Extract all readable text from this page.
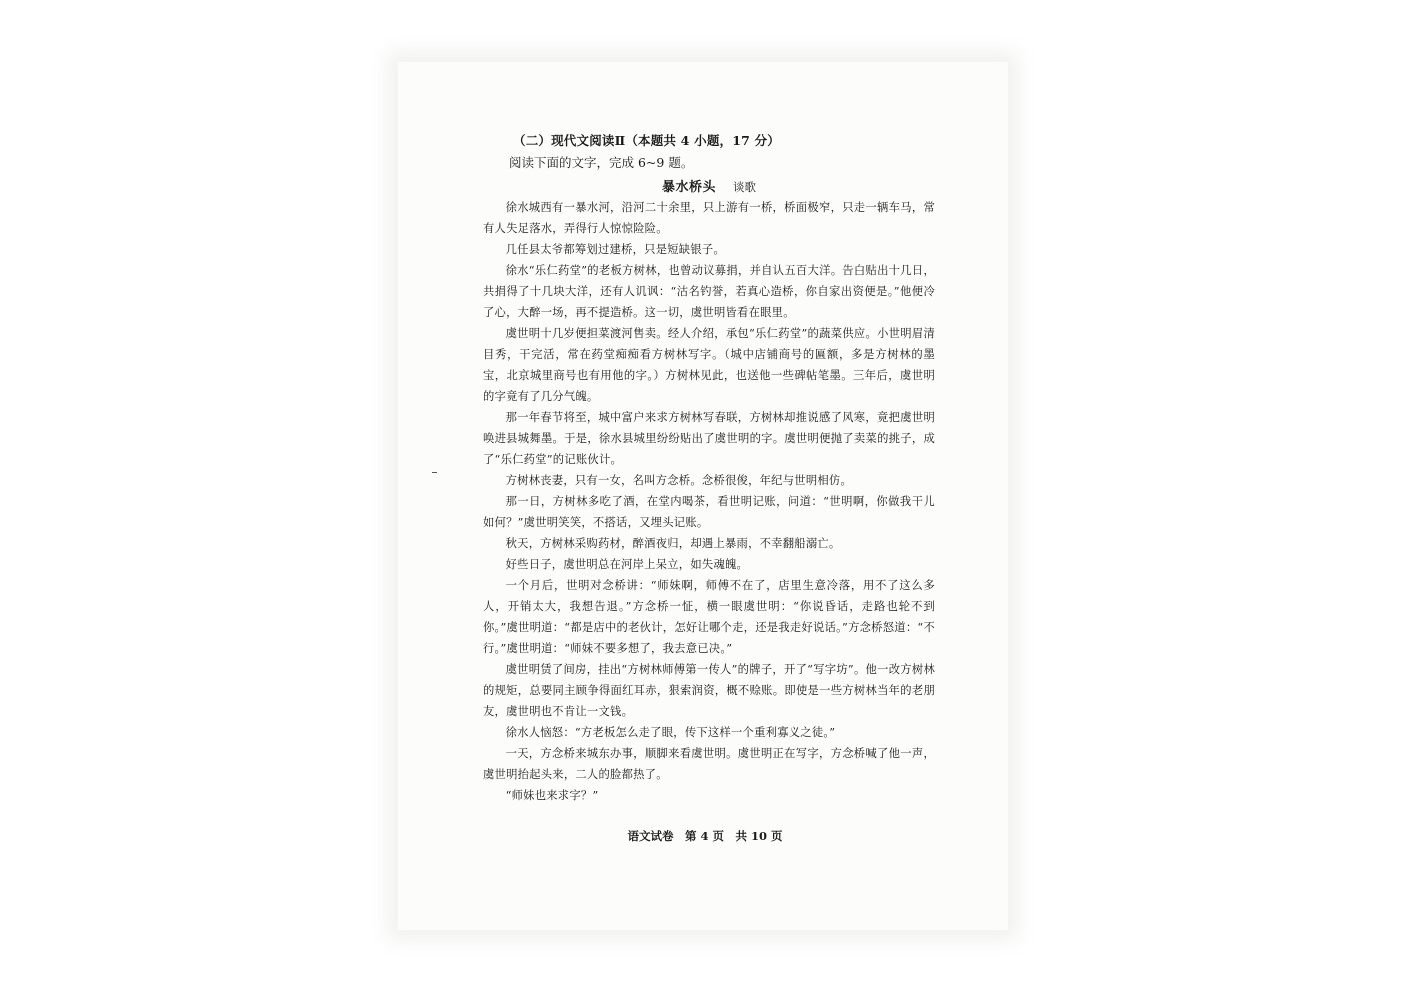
（二）现代文阅读Ⅱ（本题共 4 小题，17 分）
阅读下面的文字，完成 6~9 题。
暴水桥头 谈歌

徐水城西有一暴水河，沿河二十余里，只上游有一桥，桥面极窄，只走一辆车马，常有人失足落水，弄得行人惊惊险险。

几任县太爷都筹划过建桥，只是短缺银子。

徐水“乐仁药堂”的老板方树林，也曾动议募捐，并自认五百大洋。告白贴出十几日，共捐得了十几块大洋，还有人讥讽：“沽名钓誉，若真心造桥，你自家出资便是。”他便冷了心，大醉一场，再不提造桥。这一切，虞世明皆看在眼里。

虞世明十几岁便担菜渡河售卖。经人介绍，承包“乐仁药堂”的蔬菜供应。小世明眉清目秀，干完活，常在药堂痴痴看方树林写字。（城中店铺商号的匾额，多是方树林的墨宝，北京城里商号也有用他的字。）方树林见此，也送他一些碑帖笔墨。三年后，虞世明的字竟有了几分气魄。

那一年春节将至，城中富户来求方树林写春联，方树林却推说感了风寒，竟把虞世明唤进县城舞墨。于是，徐水县城里纷纷贴出了虞世明的字。虞世明便抛了卖菜的挑子，成了“乐仁药堂”的记账伙计。

方树林丧妻，只有一女，名叫方念桥。念桥很俊，年纪与世明相仿。

那一日，方树林多吃了酒，在堂内喝茶，看世明记账，问道：“世明啊，你做我干儿如何？”虞世明笑笑，不搭话，又埋头记账。

秋天，方树林采购药材，醉酒夜归，却遇上暴雨，不幸翻船溺亡。

好些日子，虞世明总在河岸上呆立，如失魂魄。

一个月后，世明对念桥讲：“师妹啊，师傅不在了，店里生意冷落，用不了这么多人，开销太大，我想告退。”方念桥一怔，横一眼虞世明：“你说昏话，走路也轮不到你。”虞世明道：“都是店中的老伙计，怎好让哪个走，还是我走好说话。”方念桥怒道：“不行。”虞世明道：“师妹不要多想了，我去意已决。”

虞世明赁了间房，挂出“方树林师傅第一传人”的牌子，开了“写字坊”。他一改方树林的规矩，总要同主顾争得面红耳赤，狠索润资，概不赊账。即使是一些方树林当年的老朋友，虞世明也不肯让一文钱。

徐水人恼怒：“方老板怎么走了眼，传下这样一个重利寡义之徒。”

一天，方念桥来城东办事，顺脚来看虞世明。虞世明正在写字，方念桥喊了他一声，虞世明抬起头来，二人的脸都热了。

“师妹也来求字？”

语文试卷　第 4 页　共 10 页
